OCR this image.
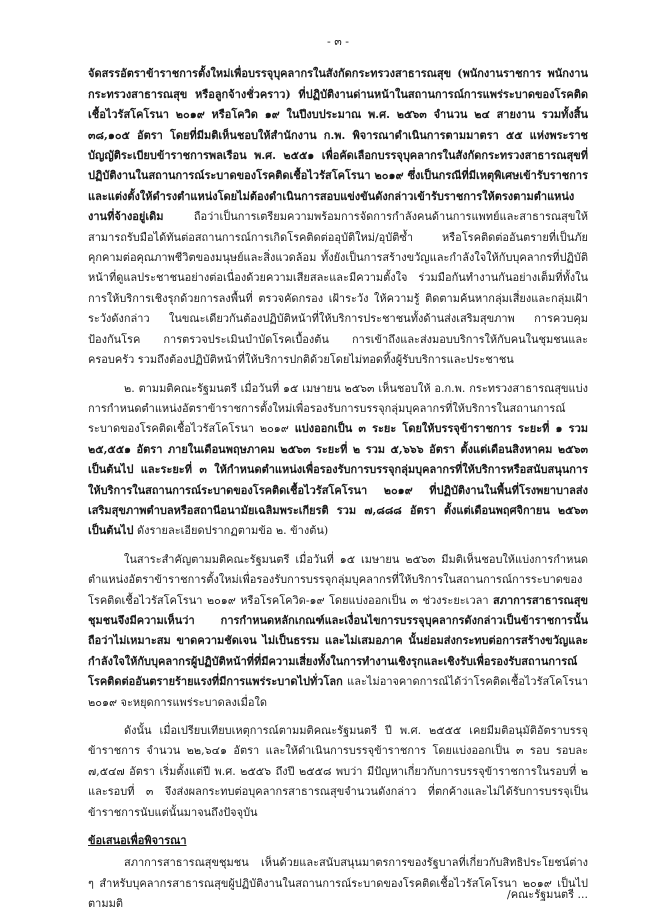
- ๓ -

จัดสรรอัตราข้าราชการตั้งใหม่เพื่อบรรจุบุคลากรในสังกัดกระทรวงสาธารณสุข (พนักงานราชการ พนักงานกระทรวงสาธารณสุข หรือลูกจ้างชั่วคราว) ที่ปฏิบัติงานด่านหน้าในสถานการณ์การแพร่ระบาดของโรคติดเชื้อไวรัสโคโรนา ๒๐๑๙ หรือโควิด ๑๙ ในปีงบประมาณ พ.ศ. ๒๕๖๓ จำนวน ๒๔ สายงาน รวมทั้งสิ้น ๓๘,๑๐๕ อัตรา โดยที่มีมติเห็นชอบให้สำนักงาน ก.พ. พิจารณาดำเนินการตามมาตรา ๕๕ แห่งพระราชบัญญัติระเบียบข้าราชการพลเรือน พ.ศ. ๒๕๕๑ เพื่อคัดเลือกบรรจุบุคลากรในสังกัดกระทรวงสาธารณสุขที่ปฏิบัติงานในสถานการณ์ระบาดของโรคติดเชื้อไวรัสโคโรนา ๒๐๑๙ ซึ่งเป็นกรณีที่มีเหตุพิเศษเข้ารับราชการและแต่งตั้งให้ดำรงตำแหน่งโดยไม่ต้องดำเนินการสอบแข่งขันดังกล่าวเข้ารับราชการให้ตรงตามตำแหน่งงานที่จ้างอยู่เดิม ถือว่าเป็นการเตรียมความพร้อมการจัดการกำลังคนด้านการแพทย์และสาธารณสุขให้สามารถรับมือได้ทันต่อสถานการณ์การเกิดโรคติดต่ออุบัติใหม่/อุบัติซ้ำ หรือโรคติดต่ออันตรายที่เป็นภัยคุกคามต่อคุณภาพชีวิตของมนุษย์และสิ่งแวดล้อม ทั้งยังเป็นการสร้างขวัญและกำลังใจให้กับบุคลากรที่ปฏิบัติหน้าที่ดูแลประชาชนอย่างต่อเนื่องด้วยความเสียสละและมีความตั้งใจ ร่วมมือกันทำงานกันอย่างเต็มที่ทั้งในการให้บริการเชิงรุกด้วยการลงพื้นที่ ตรวจคัดกรอง เฝ้าระวัง ให้ความรู้ ติดตามค้นหากลุ่มเสี่ยงและกลุ่มเฝ้าระวังดังกล่าว ในขณะเดียวกันต้องปฏิบัติหน้าที่ให้บริการประชาชนทั้งด้านส่งเสริมสุขภาพ การควบคุมป้องกันโรค การตรวจประเมินบำบัดโรคเบื้องต้น การเข้าถึงและส่งมอบบริการให้กับคนในชุมชนและครอบครัว รวมถึงต้องปฏิบัติหน้าที่ให้บริการปกติด้วยโดยไม่ทอดทิ้งผู้รับบริการและประชาชน

๒. ตามมติคณะรัฐมนตรี เมื่อวันที่ ๑๕ เมษายน ๒๕๖๓ เห็นชอบให้ อ.ก.พ. กระทรวงสาธารณสุขแบ่งการกำหนดตำแหน่งอัตราข้าราชการตั้งใหม่เพื่อรองรับการบรรจุกลุ่มบุคลากรที่ให้บริการในสถานการณ์ระบาดของโรคติดเชื้อไวรัสโคโรนา ๒๐๑๙ แบ่งออกเป็น ๓ ระยะ โดยให้บรรจุข้าราชการ ระยะที่ ๑ รวม ๒๕,๕๕๑ อัตรา ภายในเดือนพฤษภาคม ๒๕๖๓ ระยะที่ ๒ รวม ๕,๖๖๖ อัตรา ตั้งแต่เดือนสิงหาคม ๒๕๖๓ เป็นต้นไป และระยะที่ ๓ ให้กำหนดตำแหน่งเพื่อรองรับการบรรจุกลุ่มบุคลากรที่ให้บริการหรือสนับสนุนการให้บริการในสถานการณ์ระบาดของโรคติดเชื้อไวรัสโคโรนา ๒๐๑๙ ที่ปฏิบัติงานในพื้นที่โรงพยาบาลส่งเสริมสุขภาพตำบลหรือสถานีอนามัยเฉลิมพระเกียรติ รวม ๗,๘๘๘ อัตรา ตั้งแต่เดือนพฤศจิกายน ๒๕๖๓ เป็นต้นไป ดังรายละเอียดปรากฏตามข้อ ๒. ข้างต้น)

ในสาระสำคัญตามมติคณะรัฐมนตรี เมื่อวันที่ ๑๕ เมษายน ๒๕๖๓ มีมติเห็นชอบให้แบ่งการกำหนดตำแหน่งอัตราข้าราชการตั้งใหม่เพื่อรองรับการบรรจุกลุ่มบุคลากรที่ให้บริการในสถานการณ์การระบาดของโรคติดเชื้อไวรัสโคโรนา ๒๐๑๙ หรือโรคโควิด-๑๙ โดยแบ่งออกเป็น ๓ ช่วงระยะเวลา สภาการสาธารณสุขชุมชนจึงมีความเห็นว่า การกำหนดหลักเกณฑ์และเงื่อนไขการบรรจุบุคลากรดังกล่าวเป็นข้าราชการนั้นถือว่าไม่เหมาะสม ขาดความชัดเจน ไม่เป็นธรรม และไม่เสมอภาค นั้นย่อมส่งกระทบต่อการสร้างขวัญและกำลังใจให้กับบุคลากรผู้ปฏิบัติหน้าที่ที่มีความเสี่ยงทั้งในการทำงานเชิงรุกและเชิงรับเพื่อรองรับสถานการณ์โรคติดต่ออันตรายร้ายแรงที่มีการแพร่ระบาดไปทั่วโลก และไม่อาจคาดการณ์ได้ว่าโรคติดเชื้อไวรัสโคโรนา ๒๐๑๙ จะหยุดการแพร่ระบาดลงเมื่อใด

ดังนั้น เมื่อเปรียบเทียบเหตุการณ์ตามมติคณะรัฐมนตรี ปี พ.ศ. ๒๕๕๕ เคยมีมติอนุมัติอัตราบรรจุข้าราชการ จำนวน ๒๒,๖๔๑ อัตรา และให้ดำเนินการบรรจุข้าราชการ โดยแบ่งออกเป็น ๓ รอบ รอบละ ๗,๕๔๗ อัตรา เริ่มตั้งแต่ปี พ.ศ. ๒๕๕๖ ถึงปี ๒๕๕๘ พบว่า มีปัญหาเกี่ยวกับการบรรจุข้าราชการในรอบที่ ๒ และรอบที่ ๓ จึงส่งผลกระทบต่อบุคลากรสาธารณสุขจำนวนดังกล่าว ที่ตกค้างและไม่ได้รับการบรรจุเป็นข้าราชการนับแต่นั้นมาจนถึงปัจจุบัน

ข้อเสนอเพื่อพิจารณา

สภาการสาธารณสุขชุมชน เห็นด้วยและสนับสนุนมาตรการของรัฐบาลที่เกี่ยวกับสิทธิประโยชน์ต่าง ๆ สำหรับบุคลากรสาธารณสุขผู้ปฏิบัติงานในสถานการณ์ระบาดของโรคติดเชื้อไวรัสโคโรนา ๒๐๑๙ เป็นไปตามมติ

/คณะรัฐมนตรี ...
